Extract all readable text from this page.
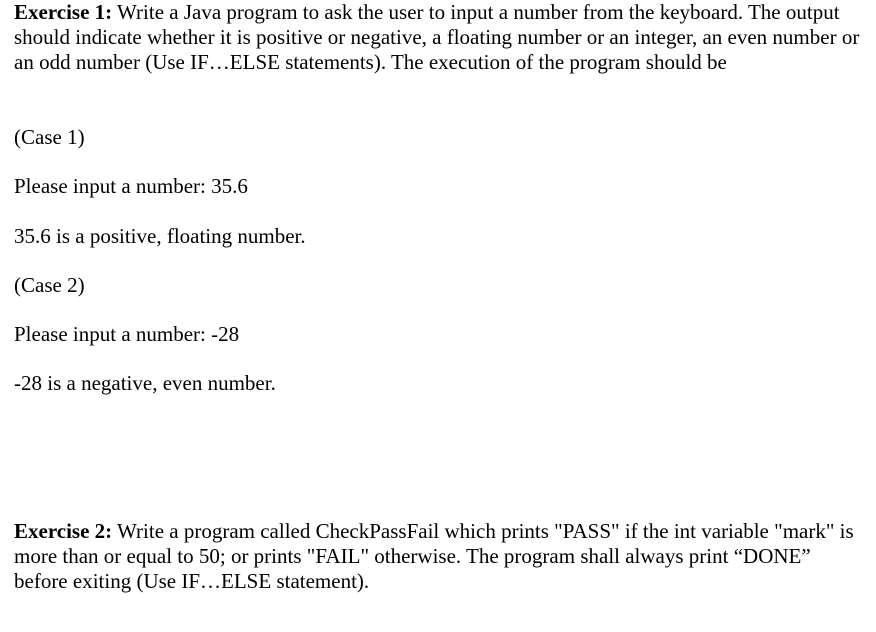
Exercise 1: Write a Java program to ask the user to input a number from the keyboard. The output should indicate whether it is positive or negative, a floating number or an integer, an even number or an odd number (Use IF…ELSE statements). The execution of the program should be

(Case 1)
Please input a number: 35.6
35.6 is a positive, floating number.
(Case 2)
Please input a number: -28
-28 is a negative, even number.

Exercise 2: Write a program called CheckPassFail which prints "PASS" if the int variable "mark" is more than or equal to 50; or prints "FAIL" otherwise. The program shall always print “DONE” before exiting (Use IF…ELSE statement).
